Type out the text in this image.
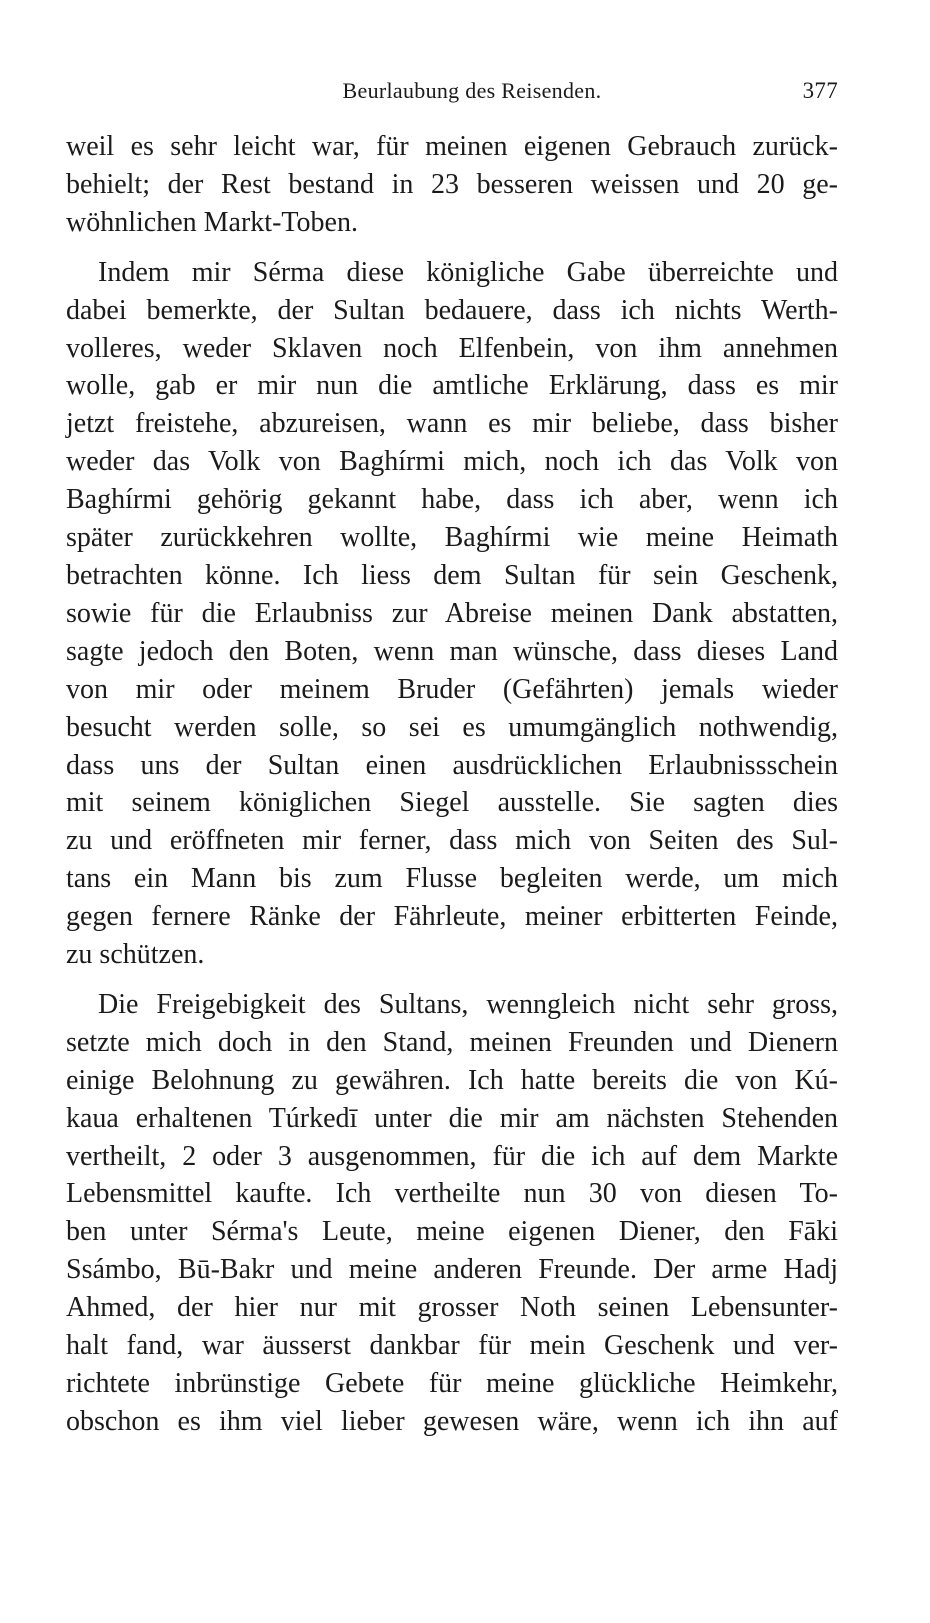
Beurlaubung des Reisenden.	377
weil es sehr leicht war, für meinen eigenen Gebrauch zurück-
behielt; der Rest bestand in 23 besseren weissen und 20 ge-
wöhnlichen Markt-Toben.
Indem mir Sérma diese königliche Gabe überreichte und
dabei bemerkte, der Sultan bedauere, dass ich nichts Werth-
volleres, weder Sklaven noch Elfenbein, von ihm annehmen
wolle, gab er mir nun die amtliche Erklärung, dass es mir
jetzt freistehe, abzureisen, wann es mir beliebe, dass bisher
weder das Volk von Baghírmi mich, noch ich das Volk von
Baghírmi gehörig gekannt habe, dass ich aber, wenn ich
später zurückkehren wollte, Baghírmi wie meine Heimath
betrachten könne. Ich liess dem Sultan für sein Geschenk,
sowie für die Erlaubniss zur Abreise meinen Dank abstatten,
sagte jedoch den Boten, wenn man wünsche, dass dieses Land
von mir oder meinem Bruder (Gefährten) jemals wieder
besucht werden solle, so sei es umumgänglich nothwendig,
dass uns der Sultan einen ausdrücklichen Erlaubnissschein
mit seinem königlichen Siegel ausstelle. Sie sagten dies
zu und eröffneten mir ferner, dass mich von Seiten des Sul-
tans ein Mann bis zum Flusse begleiten werde, um mich
gegen fernere Ränke der Fährleute, meiner erbitterten Feinde,
zu schützen.
Die Freigebigkeit des Sultans, wenngleich nicht sehr gross,
setzte mich doch in den Stand, meinen Freunden und Dienern
einige Belohnung zu gewähren. Ich hatte bereits die von Kú-
kaua erhaltenen Túrkedī unter die mir am nächsten Stehenden
vertheilt, 2 oder 3 ausgenommen, für die ich auf dem Markte
Lebensmittel kaufte. Ich vertheilte nun 30 von diesen To-
ben unter Sérma's Leute, meine eigenen Diener, den Fāki
Ssámbo, Bū-Bakr und meine anderen Freunde. Der arme Hadj
Ahmed, der hier nur mit grosser Noth seinen Lebensunter-
halt fand, war äusserst dankbar für mein Geschenk und ver-
richtete inbrünstige Gebete für meine glückliche Heimkehr,
obschon es ihm viel lieber gewesen wäre, wenn ich ihn auf
